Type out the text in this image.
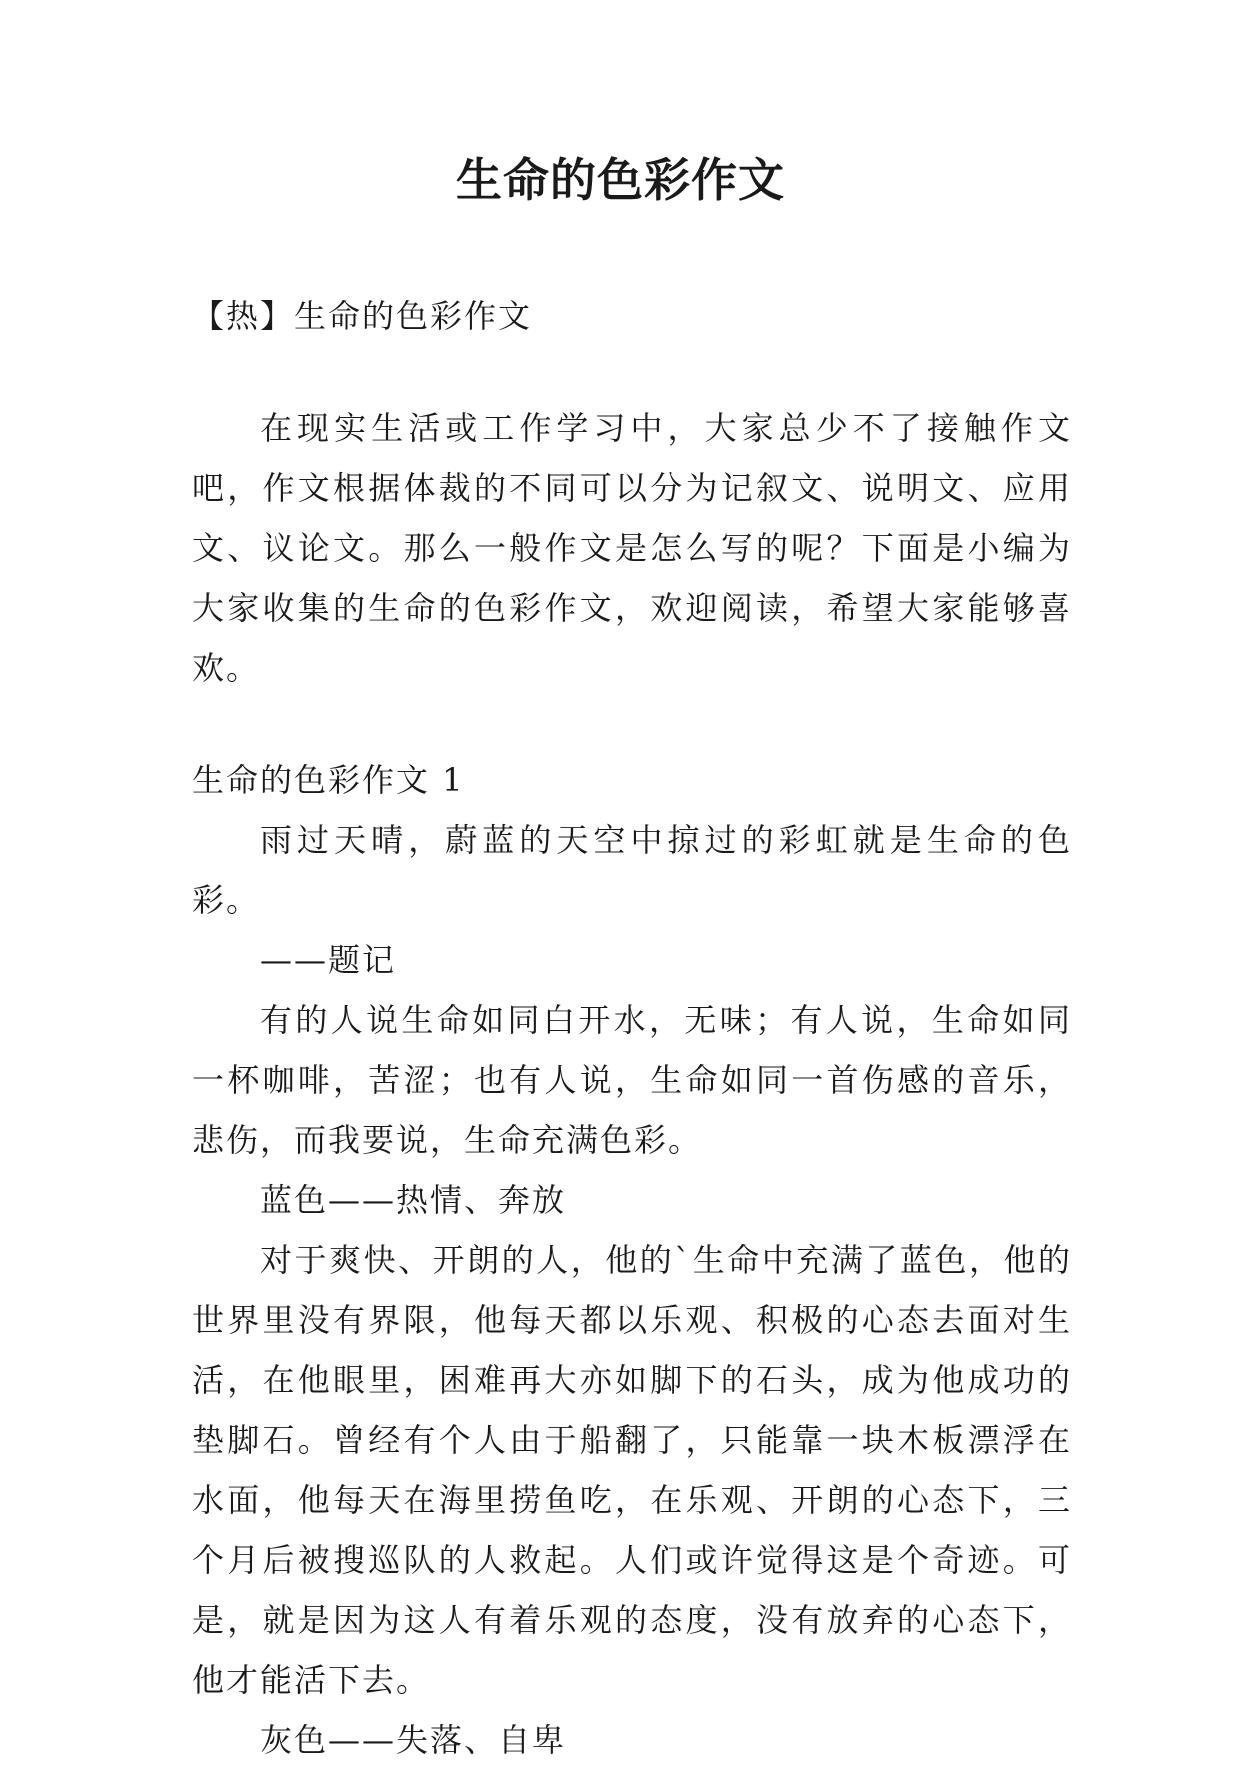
生命的色彩作文

【热】生命的色彩作文

在现实生活或工作学习中，大家总少不了接触作文吧，作文根据体裁的不同可以分为记叙文、说明文、应用文、议论文。那么一般作文是怎么写的呢？下面是小编为大家收集的生命的色彩作文，欢迎阅读，希望大家能够喜欢。

生命的色彩作文 1

雨过天晴，蔚蓝的天空中掠过的彩虹就是生命的色彩。

——题记

有的人说生命如同白开水，无味；有人说，生命如同一杯咖啡，苦涩；也有人说，生命如同一首伤感的音乐，悲伤，而我要说，生命充满色彩。

蓝色——热情、奔放

对于爽快、开朗的人，他的`生命中充满了蓝色，他的世界里没有界限，他每天都以乐观、积极的心态去面对生活，在他眼里，困难再大亦如脚下的石头，成为他成功的垫脚石。曾经有个人由于船翻了，只能靠一块木板漂浮在水面，他每天在海里捞鱼吃，在乐观、开朗的心态下，三个月后被搜巡队的人救起。人们或许觉得这是个奇迹。可是，就是因为这人有着乐观的态度，没有放弃的心态下，他才能活下去。

灰色——失落、自卑
